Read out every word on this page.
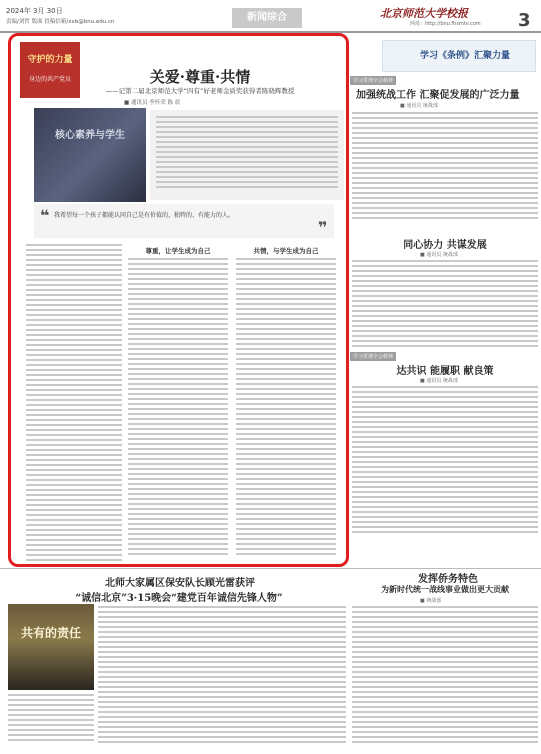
2024年 3月 30日
责编/刘哲 版面 投稿信箱/xxb@bnu.edu.cn	新闻综合	北京师范大学校报
网址：http://bnu.fhsmtv.com 3
守护的力量
身边的共产党员	关爱·尊重·共情
——记第二届北京师范大学“四有”好老师金质奖获得者陈晓辉教授
■ 通讯员 李怀荣 陈 晨
核心素养与学生
❝ 我希望每一个孩子都能认同自己是有价值的、独特的、有能力的人。
❞
尊重，让学生成为自己	共情，与学生成为自己
学习《条例》汇聚力量
学习贯彻全会精神
加强统战工作 汇聚促发展的广泛力量
■ 通讯员 统战部
同心协力 共谋发展
■ 通讯员 统战部
学习贯彻全会精神
达共识 能履职 献良策
■ 通讯员 统战部
发挥侨务特色
为新时代统一战线事业做出更大贡献
■ 统战部
北师大家属区保安队长顾光雷获评
“诚信北京”3·15晚会“建党百年诚信先锋人物”
共有的责任
